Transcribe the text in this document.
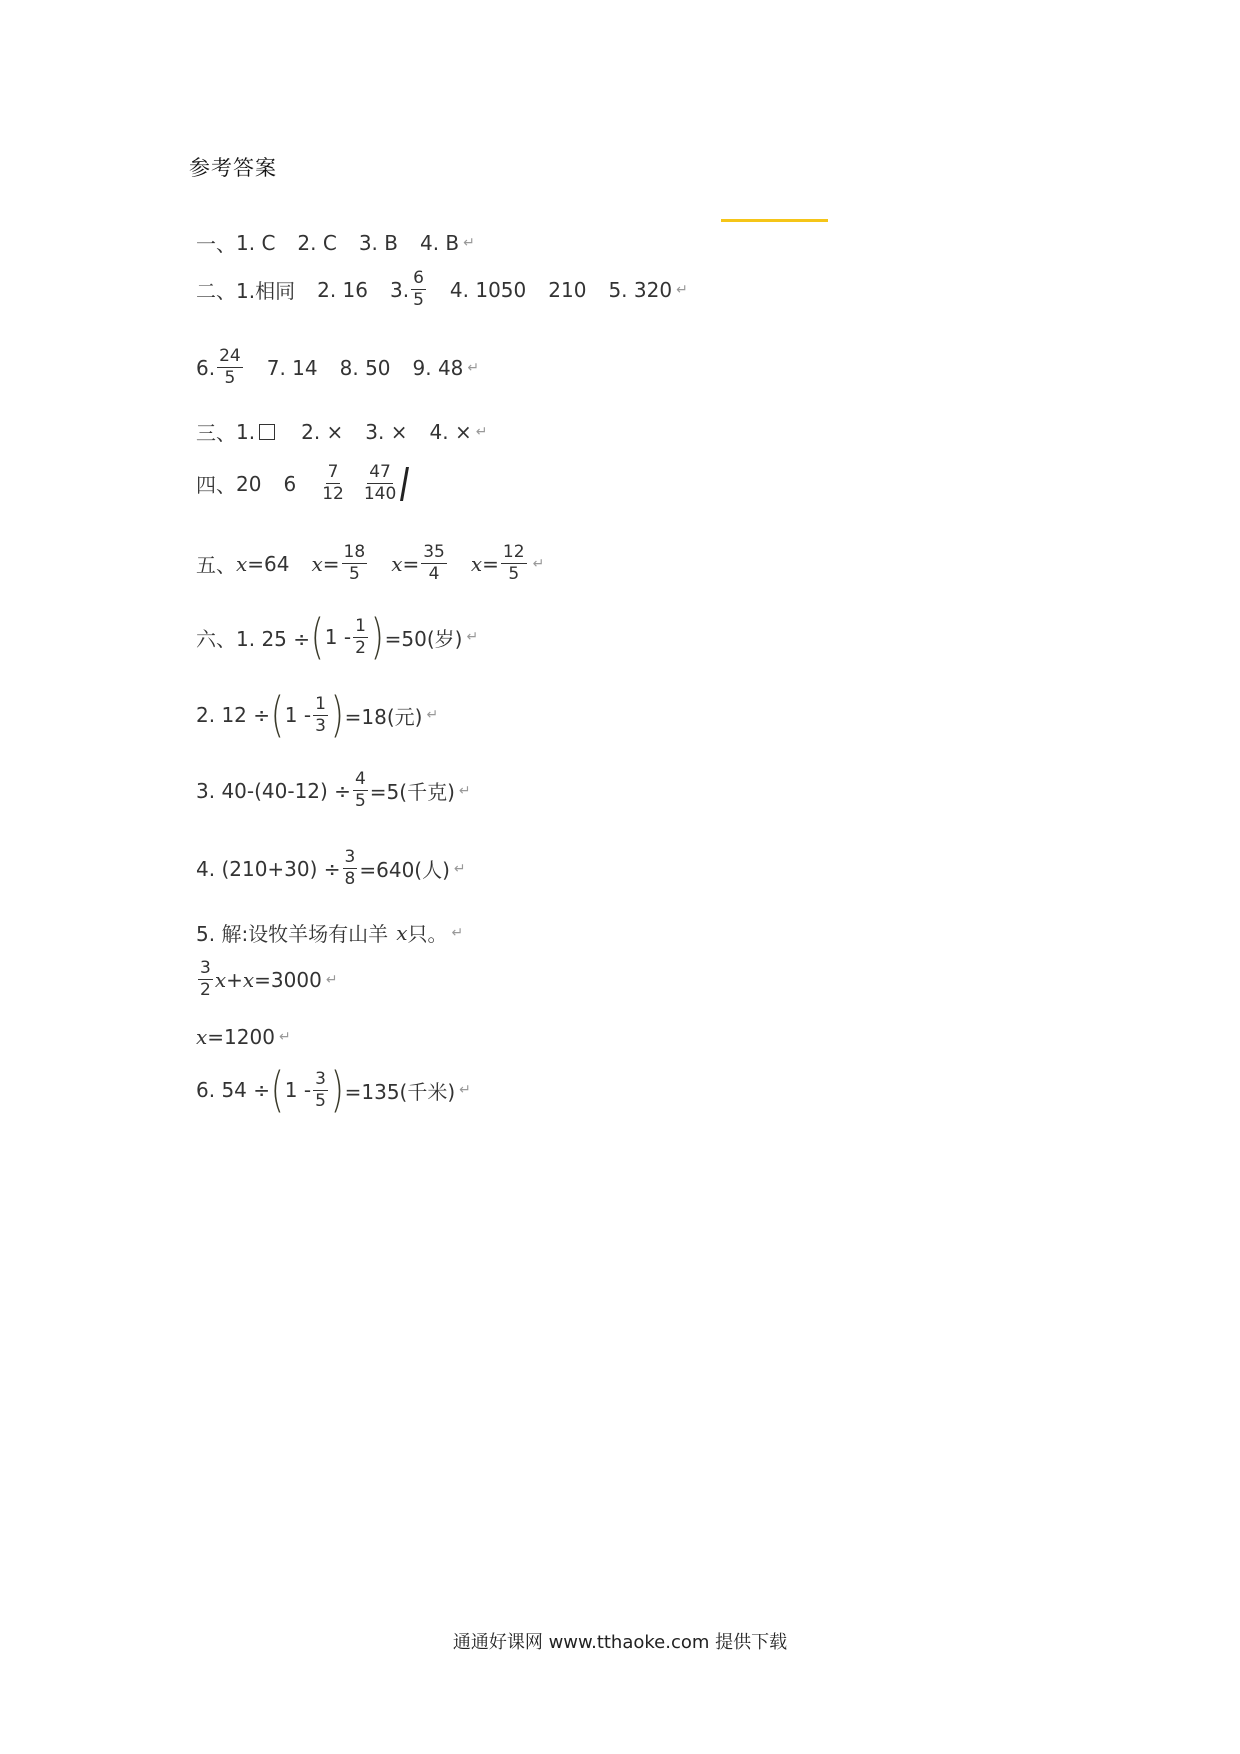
参考答案
一、 1. C 2. C 3. B 4. B ↵
二、 1.相同 2. 16 3. $\frac{6}{5} 4$. 1050 210 5. 320 ↵
6. $\frac{24}{5} 7$. 14 8. 50 9. 48 ↵
三、 1. 2. × 3. × 4. × ↵
四、 20 $6 \frac{7}{12} \frac{47}{140}$
五、 x =64 $x = \frac{18}{5}$ $x = \frac{35}{4}$ $x = \frac{12}{5}$ ↵
六、1. 25 ÷ ( $1 - \frac{1}{2}$ ) =50(岁) ↵
2. 12 ÷ ( $1 - \frac{1}{3}$ ) =18(元) ↵
3. $40-(40-12) \div \frac{4}{5} =5$(千克) ↵
4. $(210+30) \div \frac{3}{8} =640$(人) ↵
5. 解:设牧羊场有山羊 x 只。 ↵
$\frac{3}{2}$ x + x =3000 ↵
x =1200 ↵
6. 54 ÷ ( $1 - \frac{3}{5}$ ) =135(千米) ↵
通通好课网 www.tthaoke.com 提供下载
